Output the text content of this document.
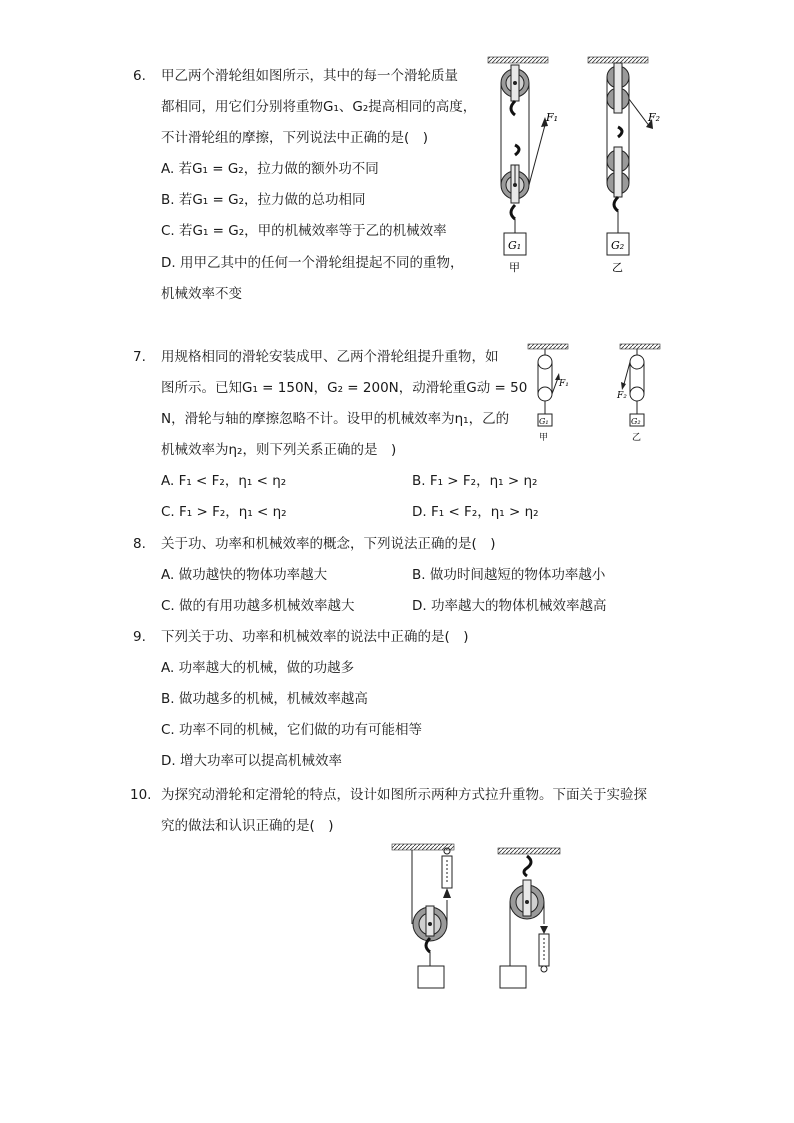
6. 甲乙两个滑轮组如图所示，其中的每一个滑轮质量
都相同，用它们分别将重物G₁、G₂提高相同的高度，
不计滑轮组的摩擦，下列说法中正确的是(　)
A. 若G₁ = G₂，拉力做的额外功不同
B. 若G₁ = G₂，拉力做的总功相同
C. 若G₁ = G₂，甲的机械效率等于乙的机械效率
D. 用甲乙其中的任何一个滑轮组提起不同的重物，
机械效率不变
F₁
G₁
甲
F₂
G₂
乙
7. 用规格相同的滑轮安装成甲、乙两个滑轮组提升重物，如
图所示。已知G₁ = 150N，G₂ = 200N，动滑轮重G动 = 50
N，滑轮与轴的摩擦忽略不计。设甲的机械效率为η₁，乙的
机械效率为η₂，则下列关系正确的是　)
A. F₁ < F₂，η₁ < η₂	B. F₁ > F₂，η₁ > η₂
C. F₁ > F₂，η₁ < η₂	D. F₁ < F₂，η₁ > η₂
F₁
G₁
甲
F₂
G₂
乙
8. 关于功、功率和机械效率的概念，下列说法正确的是(　)
A. 做功越快的物体功率越大	B. 做功时间越短的物体功率越小
C. 做的有用功越多机械效率越大	D. 功率越大的物体机械效率越高
9. 下列关于功、功率和机械效率的说法中正确的是(　)
A. 功率越大的机械，做的功越多
B. 做功越多的机械，机械效率越高
C. 功率不同的机械，它们做的功有可能相等
D. 增大功率可以提高机械效率
10. 为探究动滑轮和定滑轮的特点，设计如图所示两种方式拉升重物。下面关于实验探
究的做法和认识正确的是(　)
